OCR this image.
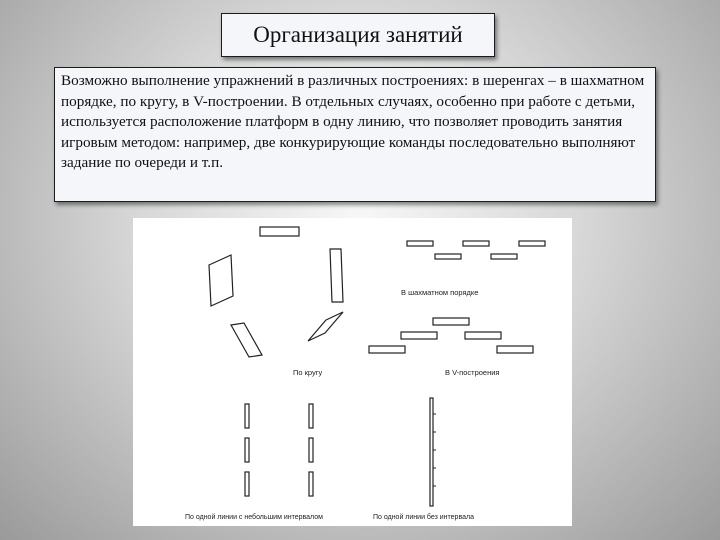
Организация занятий
Возможно выполнение упражнений в различных построениях: в шеренгах – в шахматном порядке, по кругу, в V-построении. В отдельных случаях, особенно при работе с детьми, используется расположение платформ в одну линию, что позволяет проводить занятия игровым методом: например, две конкурирующие команды последовательно выполняют задание по очереди и т.п.
В шахматном порядке
По кругу	В V-построения
По одной линии с небольшим интервалом	По одной линии без интервала
